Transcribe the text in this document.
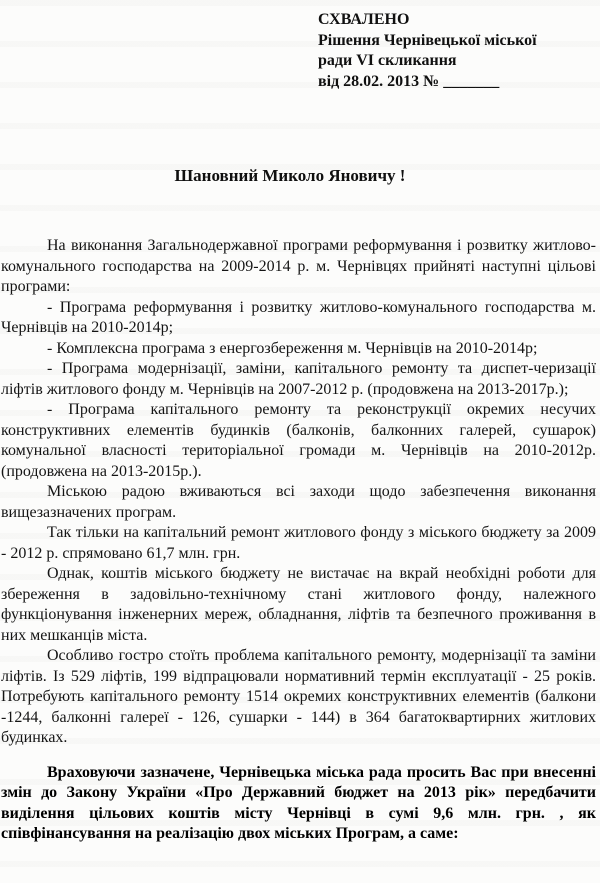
СХВАЛЕНО
Рішення Чернівецької міської
ради VI скликання
від 28.02. 2013 № _______
Шановний Миколо Яновичу !

На виконання Загальнодержавної програми реформування і розвитку житлово-комунального господарства на 2009-2014 р. м. Чернівцях прийняті наступні цільові програми:

- Програма реформування і розвитку житлово-комунального господарства м. Чернівців на 2010-2014р;

- Комплексна програма з енергозбереження м. Чернівців на 2010-2014р;

- Програма модернізації, заміни, капітального ремонту та диспет-черизації ліфтів житлового фонду м. Чернівців на 2007-2012 р. (продовжена на 2013-2017р.);

- Програма капітального ремонту та реконструкції окремих несучих конструктивних елементів будинків (балконів, балконних галерей, сушарок) комунальної власності територіальної громади м. Чернівців на 2010-2012р. (продовжена на 2013-2015р.).

Міською радою вживаються всі заходи щодо забезпечення виконання вищезазначених програм.

Так тільки на капітальний ремонт житлового фонду з міського бюджету за 2009 - 2012 р. спрямовано 61,7 млн. грн.

Однак, коштів міського бюджету не вистачає на вкрай необхідні роботи для збереження в задовільно-технічному стані житлового фонду, належного функціонування інженерних мереж, обладнання, ліфтів та безпечного проживання в них мешканців міста.

Особливо гостро стоїть проблема капітального ремонту, модернізації та заміни ліфтів. Із 529 ліфтів, 199 відпрацювали нормативний термін експлуатації - 25 років. Потребують капітального ремонту 1514 окремих конструктивних елементів (балкони -1244, балконні галереї - 126, сушарки - 144) в 364 багатоквартирних житлових будинках.

Враховуючи зазначене, Чернівецька міська рада просить Вас при внесенні змін до Закону України «Про Державний бюджет на 2013 рік» передбачити виділення цільових коштів місту Чернівці в сумі 9,6 млн. грн. , як співфінансування на реалізацію двох міських Програм, а саме:
